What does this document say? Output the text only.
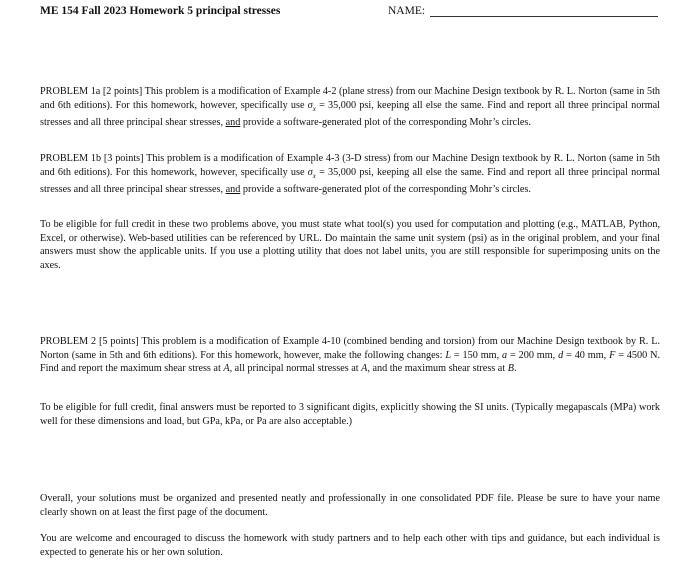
ME 154 Fall 2023 Homework 5 principal stresses	NAME:
PROBLEM 1a [2 points] This problem is a modification of Example 4-2 (plane stress) from our Machine Design textbook by R. L. Norton (same in 5th and 6th editions). For this homework, however, specifically use $\sigma_x = 35,000$ psi, keeping all else the same. Find and report all three principal normal stresses and all three principal shear stresses, and provide a software-generated plot of the corresponding Mohr’s circles.
PROBLEM 1b [3 points] This problem is a modification of Example 4-3 (3-D stress) from our Machine Design textbook by R. L. Norton (same in 5th and 6th editions). For this homework, however, specifically use $\sigma_x = 35,000$ psi, keeping all else the same. Find and report all three principal normal stresses and all three principal shear stresses, and provide a software-generated plot of the corresponding Mohr’s circles.
To be eligible for full credit in these two problems above, you must state what tool(s) you used for computation and plotting (e.g., MATLAB, Python, Excel, or otherwise). Web-based utilities can be referenced by URL. Do maintain the same unit system (psi) as in the original problem, and your final answers must show the applicable units. If you use a plotting utility that does not label units, you are still responsible for superimposing units on the axes.
PROBLEM 2 [5 points] This problem is a modification of Example 4-10 (combined bending and torsion) from our Machine Design textbook by R. L. Norton (same in 5th and 6th editions). For this homework, however, make the following changes: L = 150 mm, a = 200 mm, d = 40 mm, F = 4500 N. Find and report the maximum shear stress at A, all principal normal stresses at A, and the maximum shear stress at B.
To be eligible for full credit, final answers must be reported to 3 significant digits, explicitly showing the SI units. (Typically megapascals (MPa) work well for these dimensions and load, but GPa, kPa, or Pa are also acceptable.)
Overall, your solutions must be organized and presented neatly and professionally in one consolidated PDF file. Please be sure to have your name clearly shown on at least the first page of the document.
You are welcome and encouraged to discuss the homework with study partners and to help each other with tips and guidance, but each individual is expected to generate his or her own solution.
